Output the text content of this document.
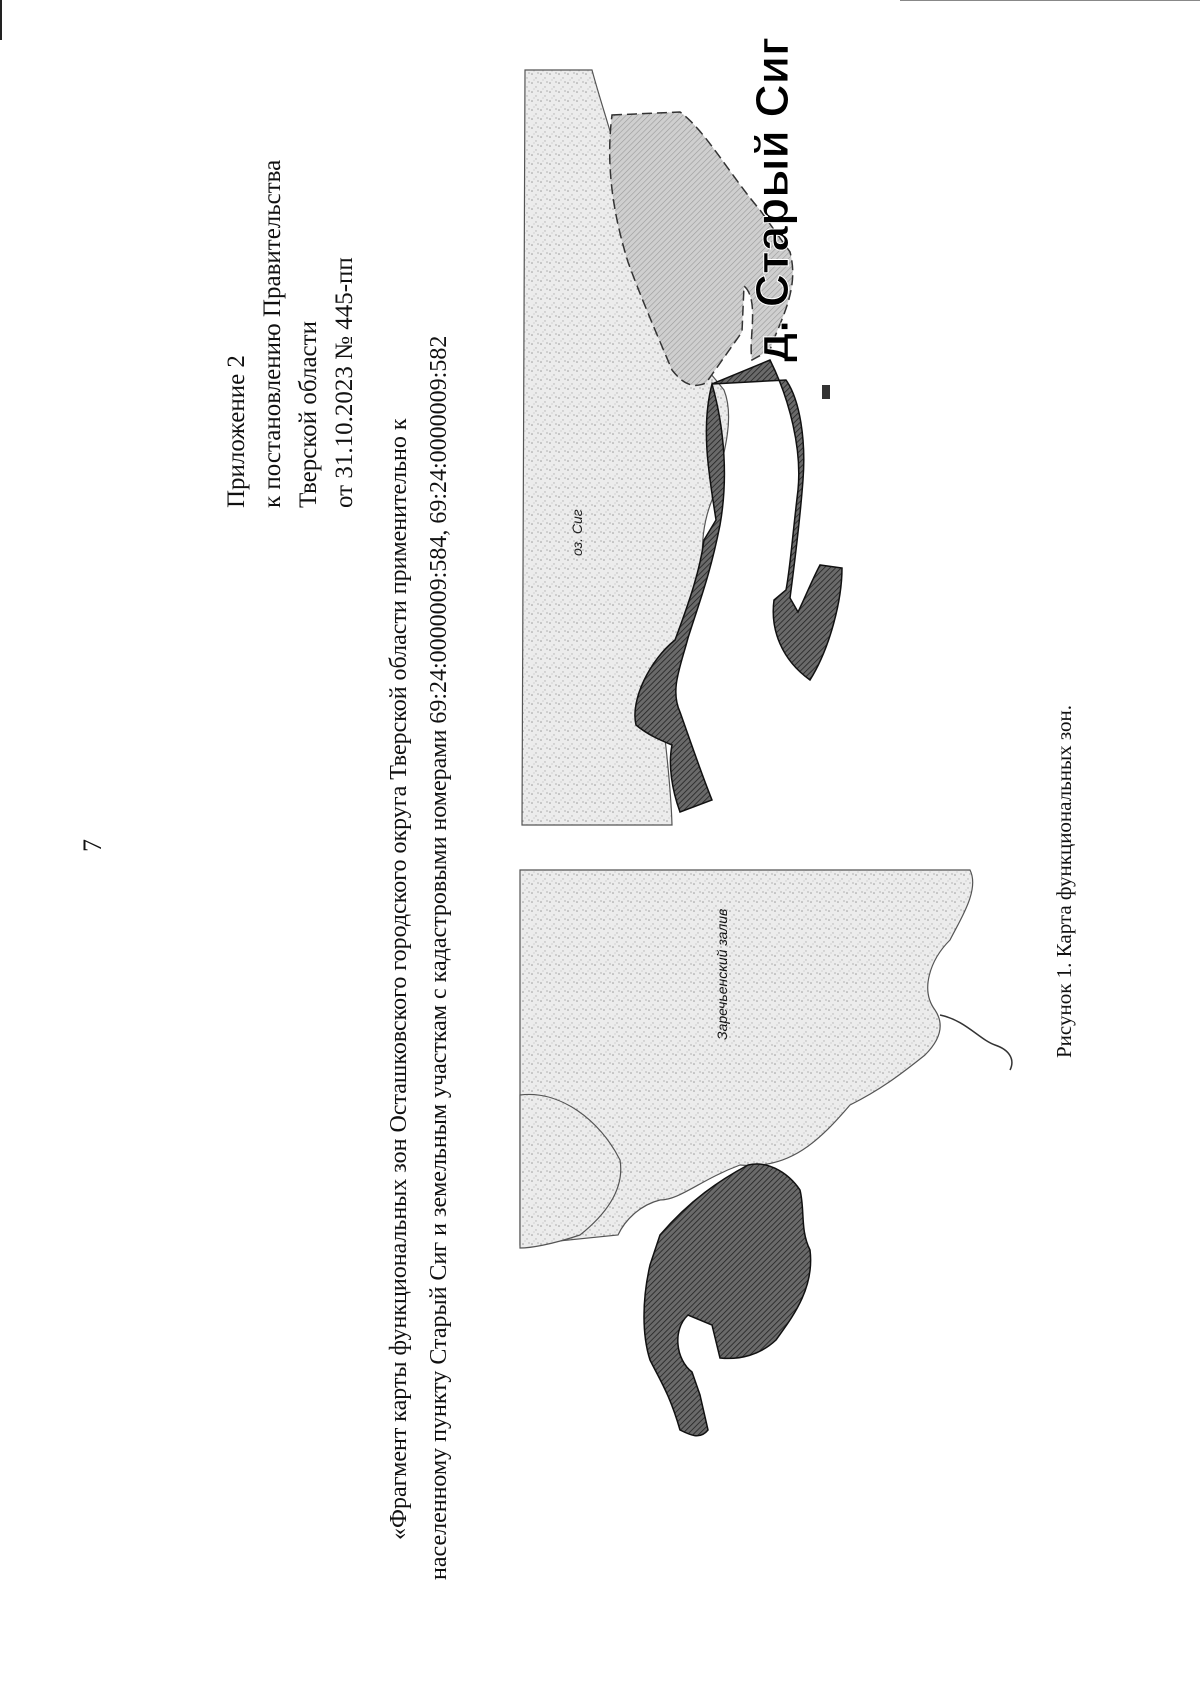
7
Приложение 2 к постановлению Правительства Тверской области от 31.10.2023 № 445-пп
«Фрагмент карты функциональных зон Осташковского городского округа Тверской области применительно к населенному пункту Старый Сиг и земельным участкам с кадастровыми номерами 69:24:0000009:584, 69:24:0000009:582	оз. Сиг
д. Старый Сиг
Заречьенский залив	Рисунок 1. Карта функциональных зон.
